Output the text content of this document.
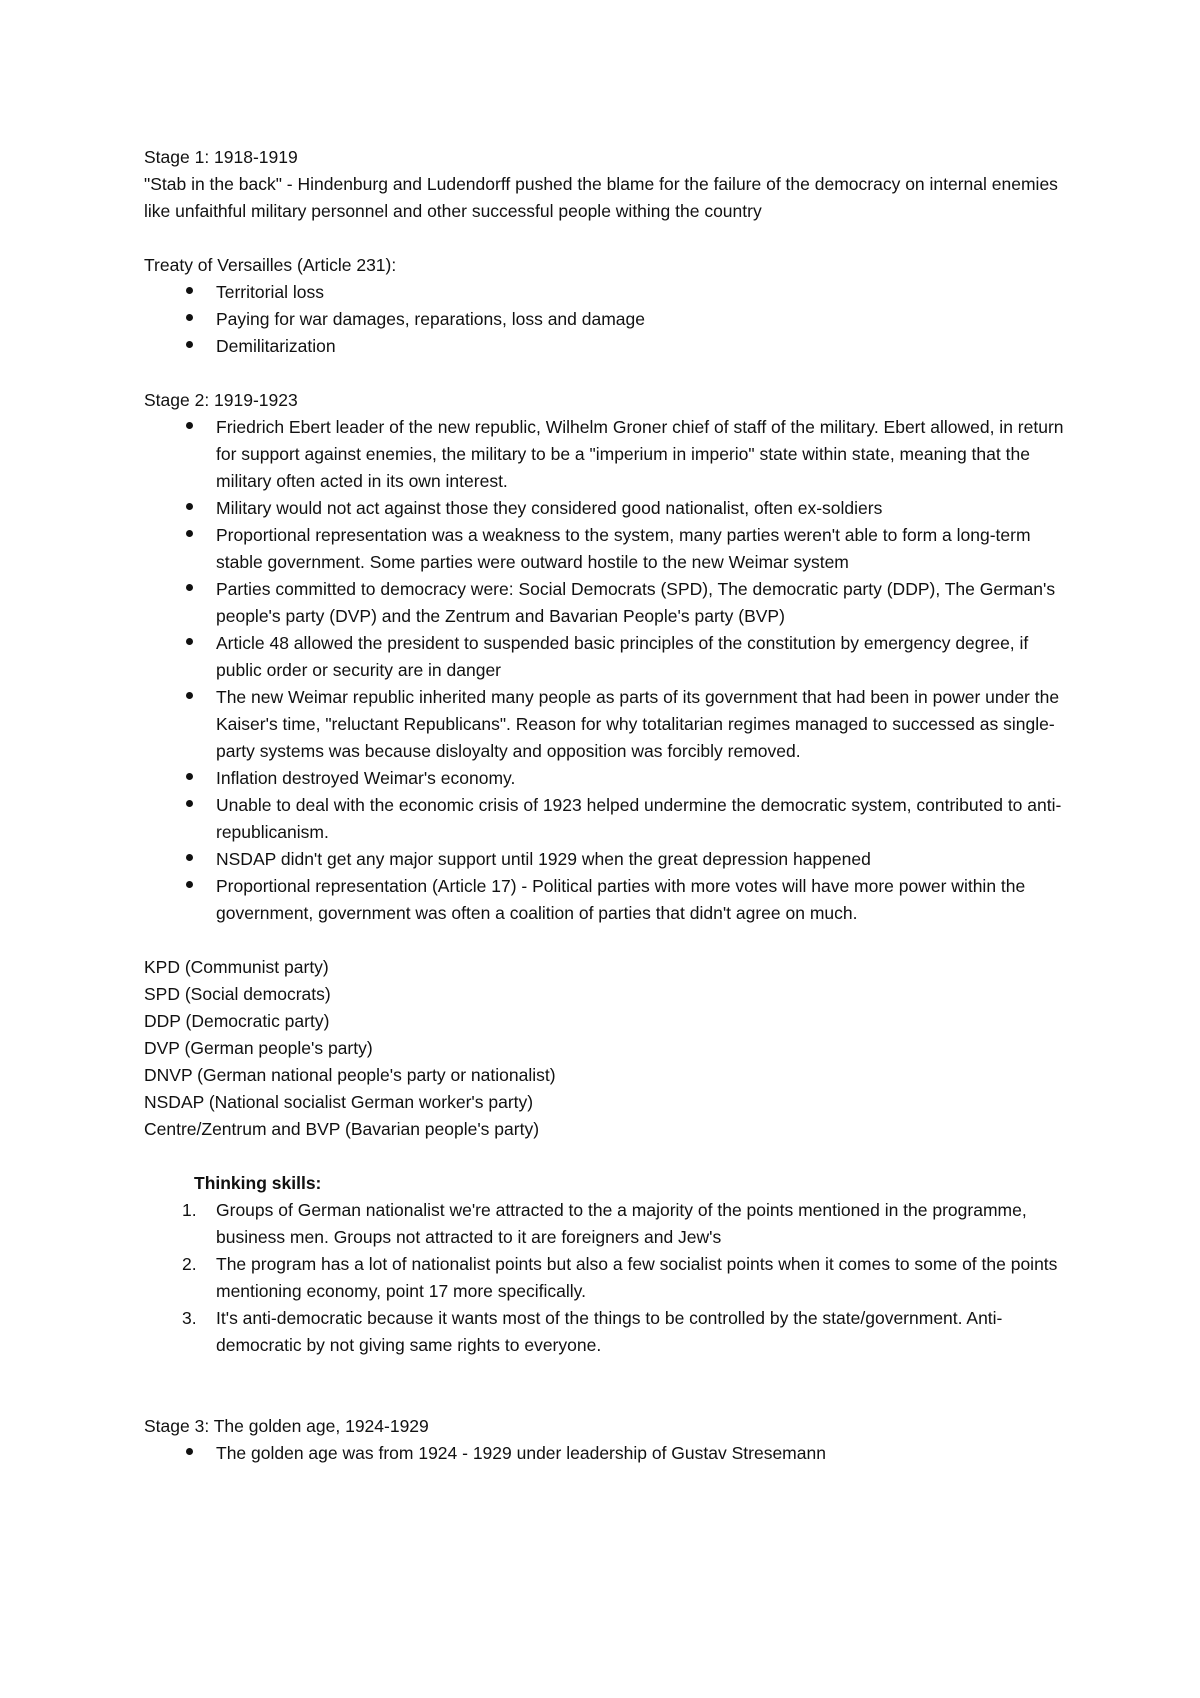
Stage 1: 1918-1919

"Stab in the back" - Hindenburg and Ludendorff pushed the blame for the failure of the democracy on internal enemies like unfaithful military personnel and other successful people withing the country

Treaty of Versailles (Article 231):

Territorial loss
Paying for war damages, reparations, loss and damage
Demilitarization

Stage 2: 1919-1923

Friedrich Ebert leader of the new republic, Wilhelm Groner chief of staff of the military. Ebert allowed, in return for support against enemies, the military to be a "imperium in imperio" state within state, meaning that the military often acted in its own interest.
Military would not act against those they considered good nationalist, often ex-soldiers
Proportional representation was a weakness to the system, many parties weren't able to form a long-term stable government. Some parties were outward hostile to the new Weimar system
Parties committed to democracy were: Social Democrats (SPD), The democratic party (DDP), The German's people's party (DVP) and the Zentrum and Bavarian People's party (BVP)
Article 48 allowed the president to suspended basic principles of the constitution by emergency degree, if public order or security are in danger
The new Weimar republic inherited many people as parts of its government that had been in power under the Kaiser's time, "reluctant Republicans". Reason for why totalitarian regimes managed to successed as single-party systems was because disloyalty and opposition was forcibly removed.
Inflation destroyed Weimar's economy.
Unable to deal with the economic crisis of 1923 helped undermine the democratic system, contributed to anti-republicanism.
NSDAP didn't get any major support until 1929 when the great depression happened
Proportional representation (Article 17) - Political parties with more votes will have more power within the government, government was often a coalition of parties that didn't agree on much.

KPD (Communist party)

SPD (Social democrats)

DDP (Democratic party)

DVP (German people's party)

DNVP (German national people's party or nationalist)

NSDAP (National socialist German worker's party)

Centre/Zentrum and BVP (Bavarian people's party)

Thinking skills:

1. Groups of German nationalist we're attracted to the a majority of the points mentioned in the programme, business men. Groups not attracted to it are foreigners and Jew's
2. The program has a lot of nationalist points but also a few socialist points when it comes to some of the points mentioning economy, point 17 more specifically.
3. It's anti-democratic because it wants most of the things to be controlled by the state/government. Anti-democratic by not giving same rights to everyone.

Stage 3: The golden age, 1924-1929

The golden age was from 1924 - 1929 under leadership of Gustav Stresemann
